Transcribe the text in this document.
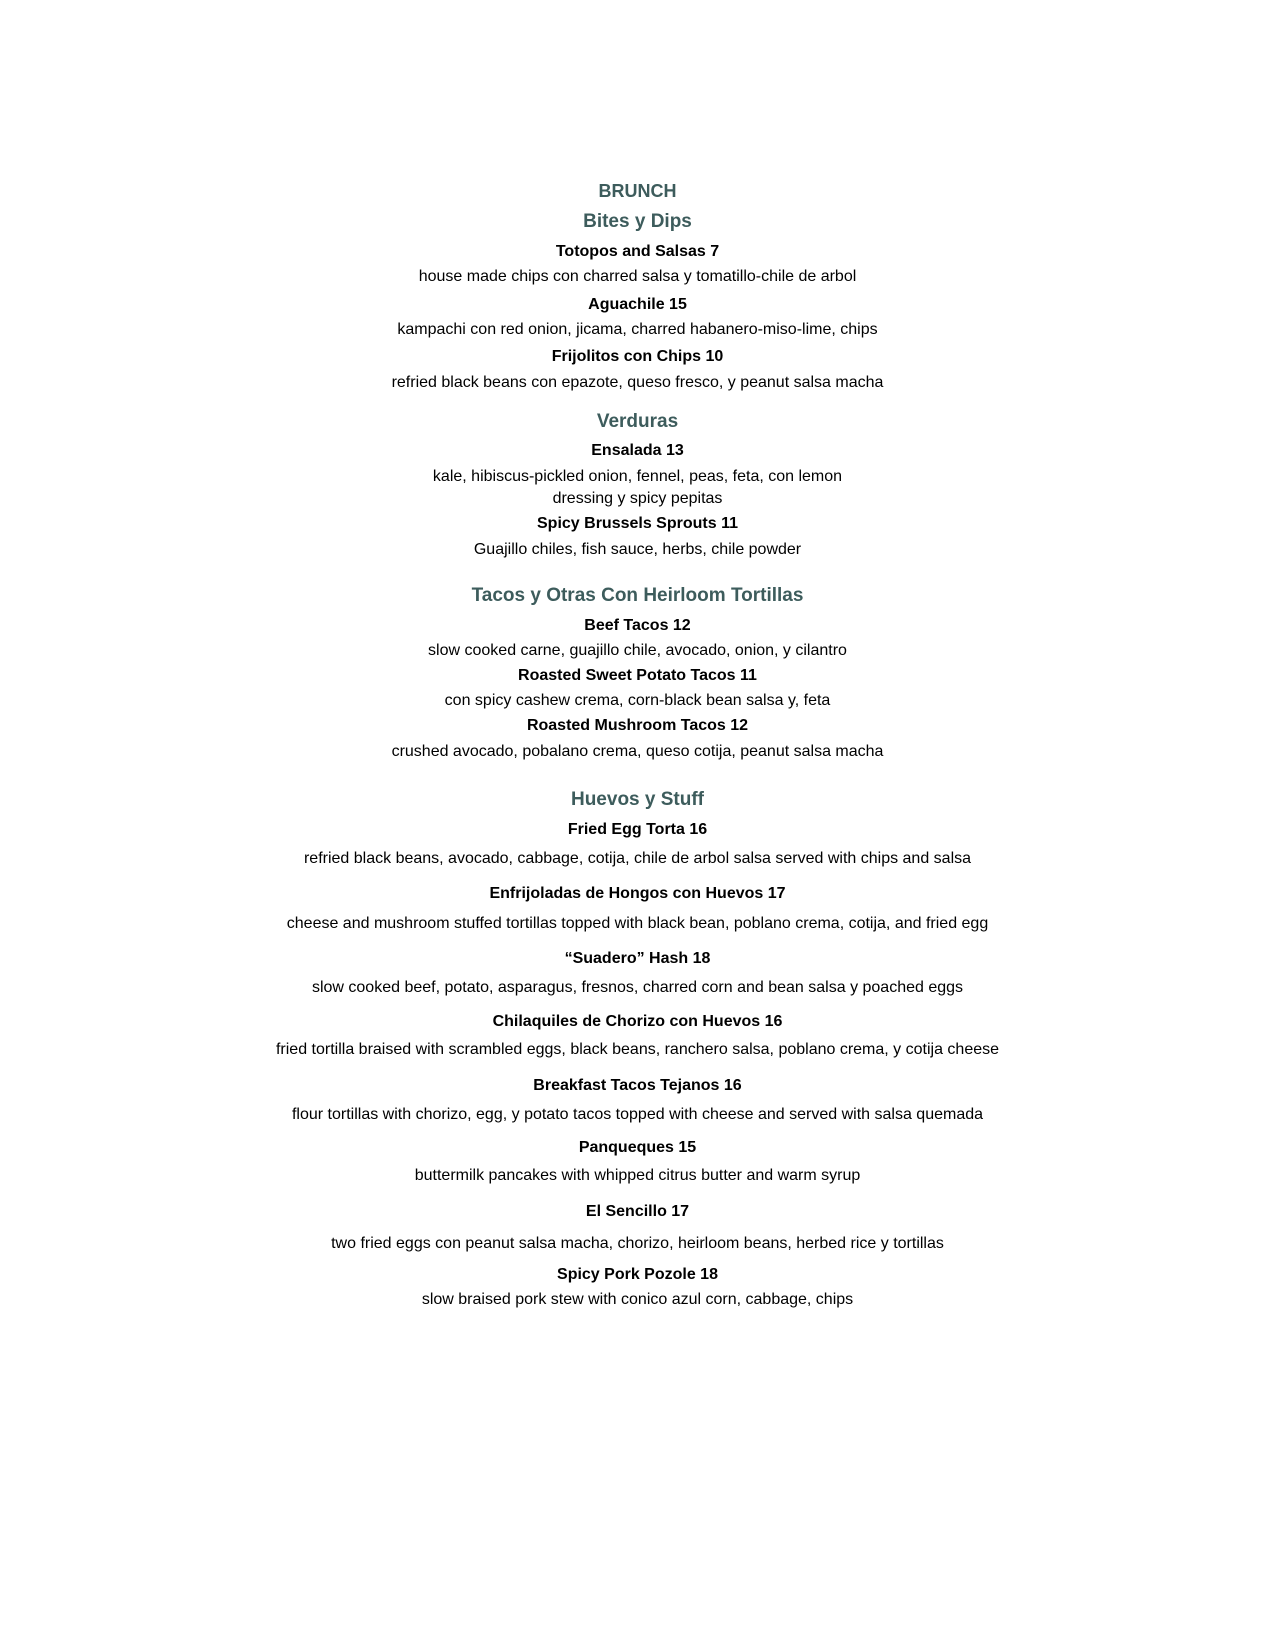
BRUNCH
Bites y Dips
Totopos and Salsas 7
house made chips con charred salsa y tomatillo-chile de arbol
Aguachile 15
kampachi con red onion, jicama, charred habanero-miso-lime, chips
Frijolitos con Chips 10
refried black beans con epazote, queso fresco, y peanut salsa macha
Verduras
Ensalada 13
kale, hibiscus-pickled onion, fennel, peas, feta, con lemon
dressing y spicy pepitas
Spicy Brussels Sprouts 11
Guajillo chiles, fish sauce, herbs, chile powder
Tacos y Otras Con Heirloom Tortillas
Beef Tacos 12
slow cooked carne, guajillo chile, avocado, onion, y cilantro
Roasted Sweet Potato Tacos 11
con spicy cashew crema, corn-black bean salsa y, feta
Roasted Mushroom Tacos 12
crushed avocado, pobalano crema, queso cotija, peanut salsa macha
Huevos y Stuff
Fried Egg Torta 16
refried black beans, avocado, cabbage, cotija, chile de arbol salsa served with chips and salsa
Enfrijoladas de Hongos con Huevos 17
cheese and mushroom stuffed tortillas topped with black bean, poblano crema, cotija, and fried egg
“Suadero” Hash 18
slow cooked beef, potato, asparagus, fresnos, charred corn and bean salsa y poached eggs
Chilaquiles de Chorizo con Huevos 16
fried tortilla braised with scrambled eggs, black beans, ranchero salsa, poblano crema, y cotija cheese
Breakfast Tacos Tejanos 16
flour tortillas with chorizo, egg, y potato tacos topped with cheese and served with salsa quemada
Panqueques 15
buttermilk pancakes with whipped citrus butter and warm syrup
El Sencillo 17
two fried eggs con peanut salsa macha, chorizo, heirloom beans, herbed rice y tortillas
Spicy Pork Pozole 18
slow braised pork stew with conico azul corn, cabbage, chips
